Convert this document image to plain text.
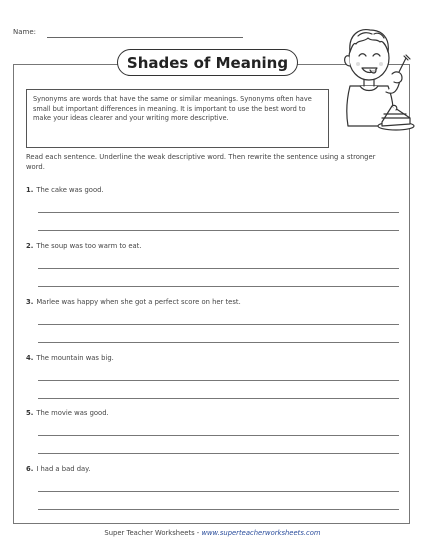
Name:
Shades of Meaning
Synonyms are words that have the same or similar meanings. Synonyms often have small but important differences in meaning. It is important to use the best word to make your ideas clearer and your writing more descriptive.
Read each sentence. Underline the weak descriptive word. Then rewrite the sentence using a stronger word.
1. The cake was good.
2. The soup was too warm to eat.
3. Marlee was happy when she got a perfect score on her test.
4. The mountain was big.
5. The movie was good.
6. I had a bad day.
Super Teacher Worksheets - www.superteacherworksheets.com
